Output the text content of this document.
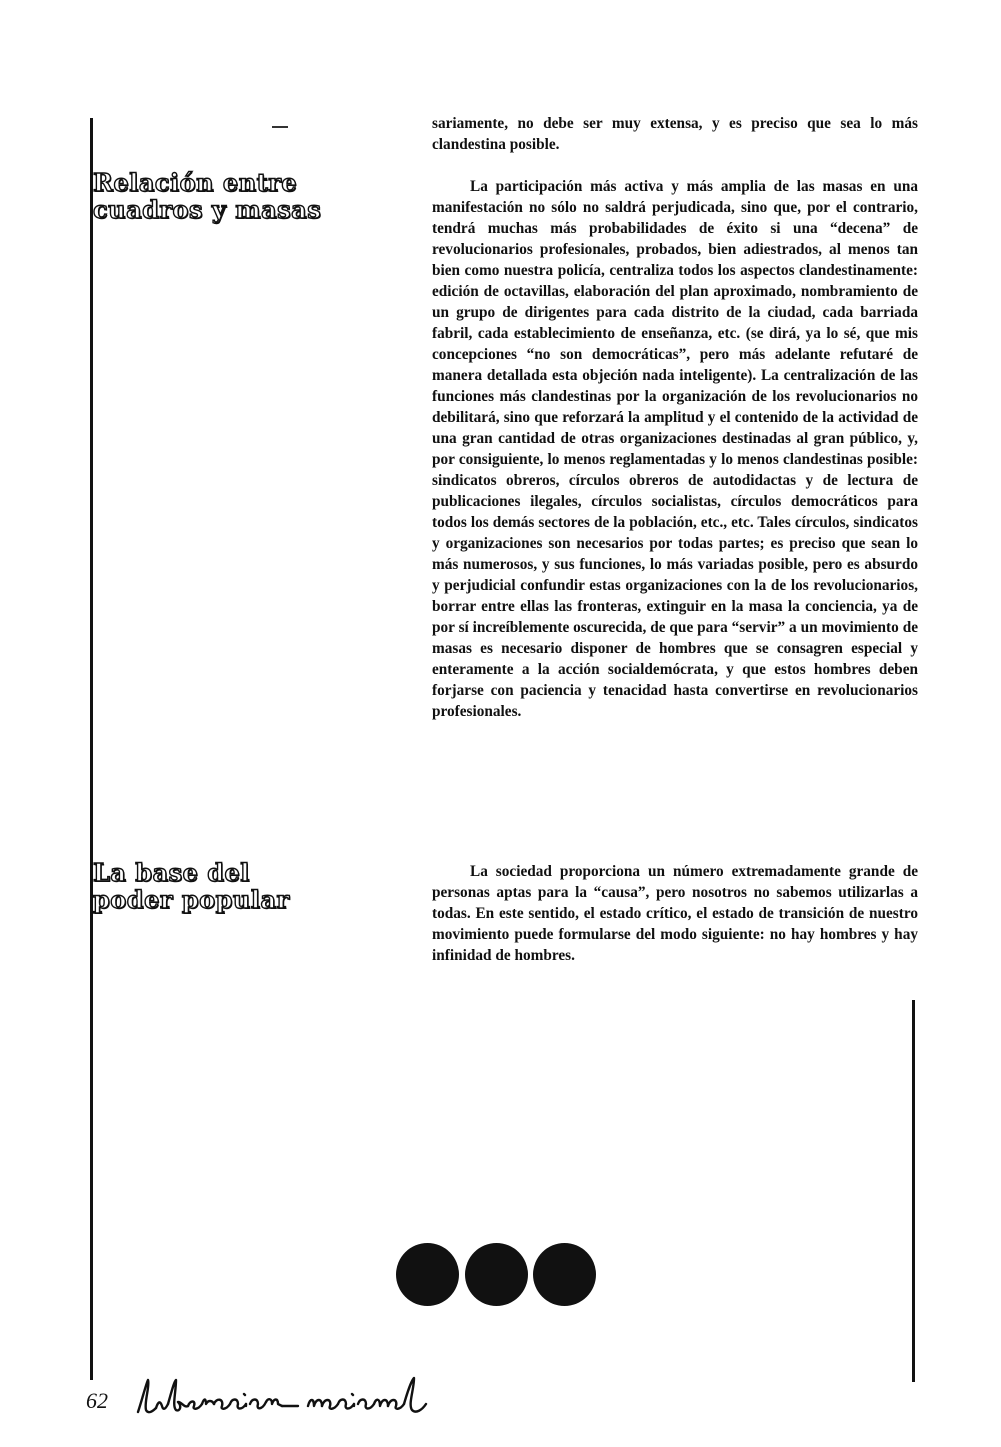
Relación entre
cuadros y masas
La base del
poder popular

sariamente, no debe ser muy extensa, y es preciso que sea lo más clandestina posible.

La participación más activa y más amplia de las masas en una manifestación no sólo no saldrá perjudicada, sino que, por el contrario, tendrá muchas más probabilidades de éxito si una “decena” de revolucionarios profesionales, probados, bien adiestrados, al menos tan bien como nuestra policía, centraliza todos los aspectos clandestinamente: edición de octavillas, elaboración del plan aproximado, nombramiento de un grupo de dirigentes para cada distrito de la ciudad, cada barriada fabril, cada establecimiento de enseñanza, etc. (se dirá, ya lo sé, que mis concepciones “no son democráticas”, pero más adelante refutaré de manera detallada esta objeción nada inteligente). La centralización de las funciones más clandestinas por la organización de los revolucionarios no debilitará, sino que reforzará la amplitud y el contenido de la actividad de una gran cantidad de otras organizaciones destinadas al gran público, y, por consiguiente, lo menos reglamentadas y lo menos clandestinas posible: sindicatos obreros, círculos obreros de autodidactas y de lectura de publicaciones ilegales, círculos socialistas, círculos democráticos para todos los demás sectores de la población, etc., etc. Tales círculos, sindicatos y organizaciones son necesarios por todas partes; es preciso que sean lo más numerosos, y sus funciones, lo más variadas posible, pero es absurdo y perjudicial confundir estas organizaciones con la de los revolucionarios, borrar entre ellas las fronteras, extinguir en la masa la conciencia, ya de por sí increíblemente oscurecida, de que para “servir” a un movimiento de masas es necesario disponer de hombres que se consagren especial y enteramente a la acción socialdemócrata, y que estos hombres deben forjarse con paciencia y tenacidad hasta convertirse en revolucionarios profesionales.

La sociedad proporciona un número extremadamente grande de personas aptas para la “causa”, pero nosotros no sabemos utilizarlas a todas. En este sentido, el estado crítico, el estado de transición de nuestro movimiento puede formularse del modo siguiente: no hay hombres y hay infinidad de hombres.

62
liberación nacional
